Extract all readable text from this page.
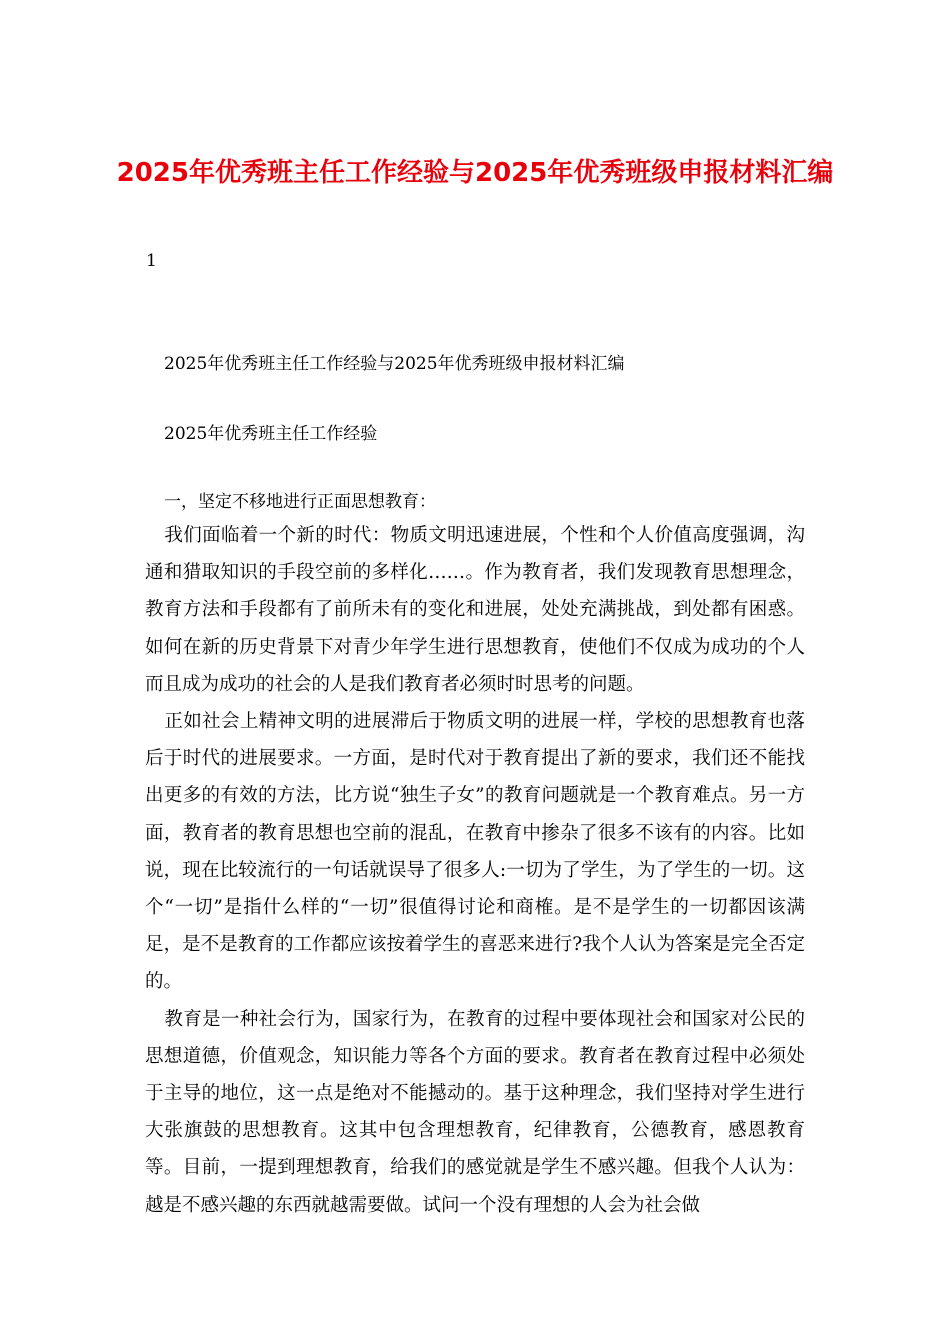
2025年优秀班主任工作经验与2025年优秀班级申报材料汇编
1
2025年优秀班主任工作经验与2025年优秀班级申报材料汇编
2025年优秀班主任工作经验
一，坚定不移地进行正面思想教育：

我们面临着一个新的时代：物质文明迅速进展，个性和个人价值高度强调，沟通和猎取知识的手段空前的多样化……。作为教育者，我们发现教育思想理念，教育方法和手段都有了前所未有的变化和进展，处处充满挑战，到处都有困惑。如何在新的历史背景下对青少年学生进行思想教育，使他们不仅成为成功的个人而且成为成功的社会的人是我们教育者必须时时思考的问题。

正如社会上精神文明的进展滞后于物质文明的进展一样，学校的思想教育也落后于时代的进展要求。一方面，是时代对于教育提出了新的要求，我们还不能找出更多的有效的方法，比方说“独生子女”的教育问题就是一个教育难点。另一方面，教育者的教育思想也空前的混乱，在教育中掺杂了很多不该有的内容。比如说，现在比较流行的一句话就误导了很多人:一切为了学生，为了学生的一切。这个“一切”是指什么样的“一切”很值得讨论和商榷。是不是学生的一切都因该满足，是不是教育的工作都应该按着学生的喜恶来进行?我个人认为答案是完全否定的。

教育是一种社会行为，国家行为，在教育的过程中要体现社会和国家对公民的思想道德，价值观念，知识能力等各个方面的要求。教育者在教育过程中必须处于主导的地位，这一点是绝对不能撼动的。基于这种理念，我们坚持对学生进行大张旗鼓的思想教育。这其中包含理想教育，纪律教育，公德教育，感恩教育等。目前，一提到理想教育，给我们的感觉就是学生不感兴趣。但我个人认为：越是不感兴趣的东西就越需要做。试问一个没有理想的人会为社会做
